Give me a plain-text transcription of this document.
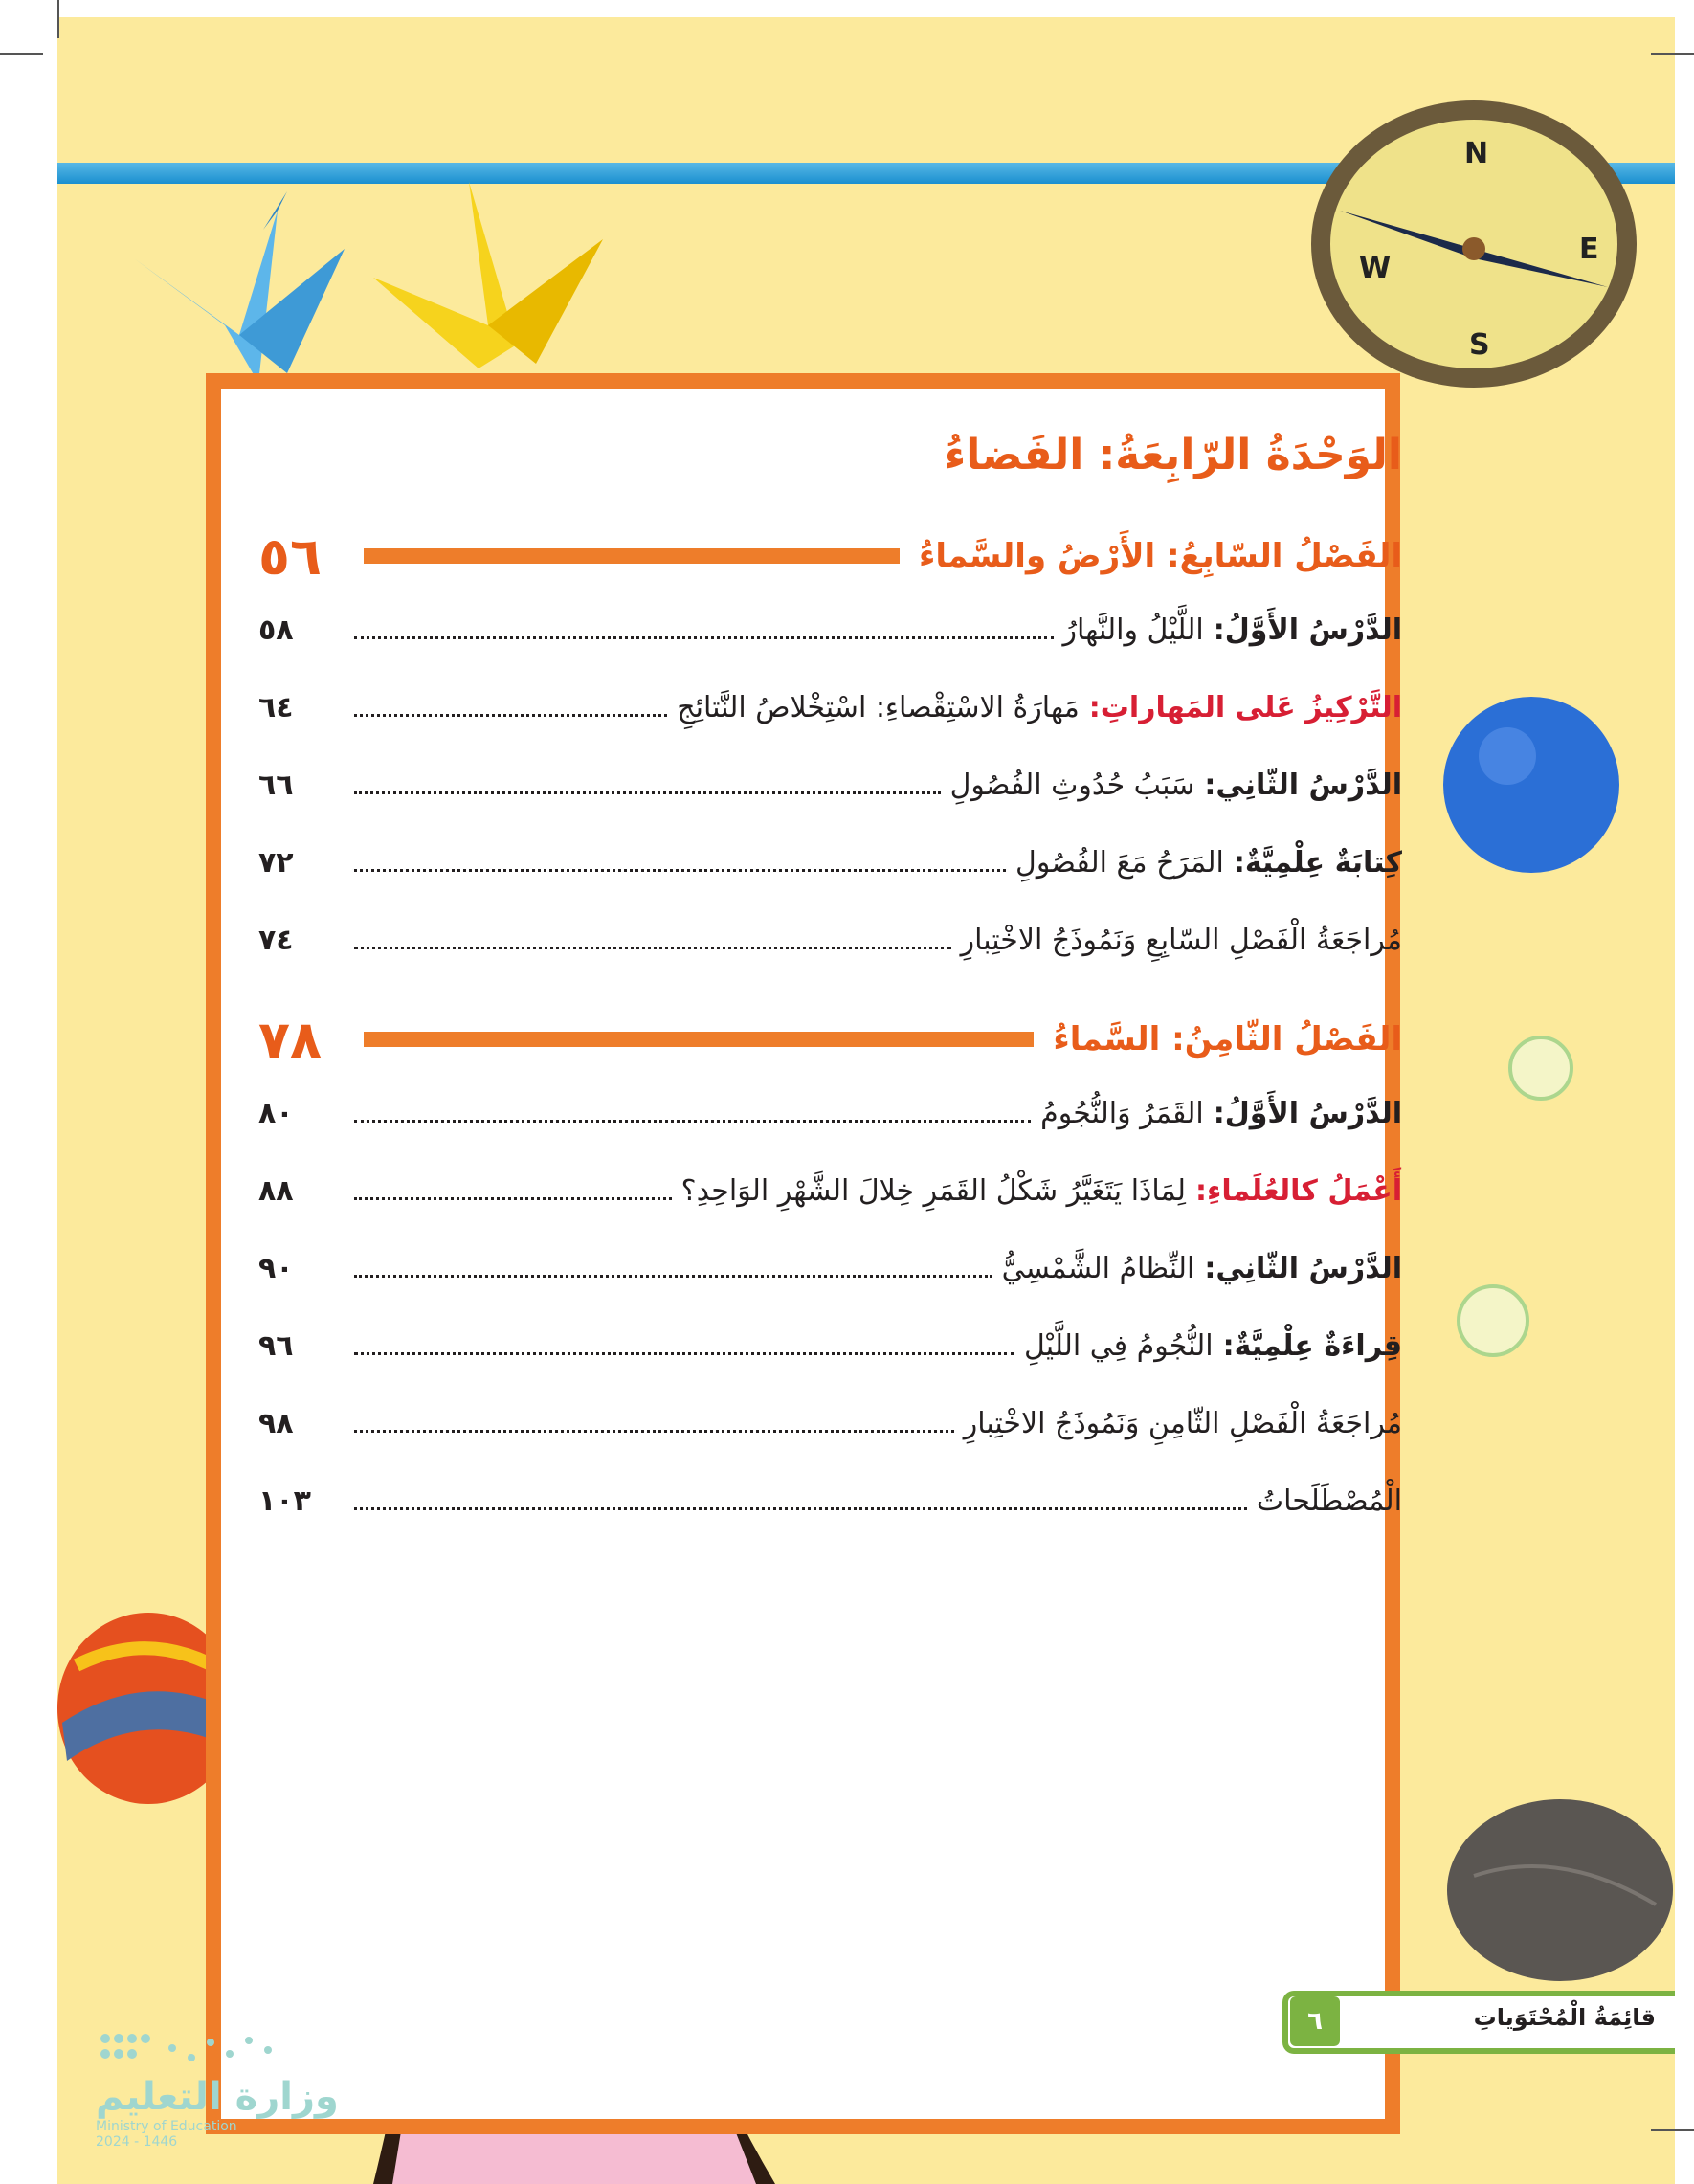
N
S
W
E
الوَحْدَةُ الرّابِعَةُ: الفَضاءُ
الفَصْلُ السّابِعُ: الأَرْضُ والسَّماءُ
٥٦
الدَّرْسُ الأَوَّلُ:
اللَّيْلُ والنَّهارُ
٥٨
التَّرْكِيزُ عَلى المَهاراتِ:
مَهارَةُ الاسْتِقْصاءِ: اسْتِخْلاصُ النَّتائِجِ
٦٤
الدَّرْسُ الثّانِي:
سَبَبُ حُدُوثِ الفُصُولِ
٦٦
كِتابَةٌ عِلْمِيَّةٌ:
المَرَحُ مَعَ الفُصُولِ
٧٢
مُراجَعَةُ الْفَصْلِ السّابِعِ وَنَمُوذَجُ الاخْتِبارِ
٧٤
الفَصْلُ الثّامِنُ: السَّماءُ
٧٨
الدَّرْسُ الأَوَّلُ:
القَمَرُ وَالنُّجُومُ
٨٠
أَعْمَلُ كالعُلَماءِ:
لِمَاذَا يَتَغَيَّرُ شَكْلُ القَمَرِ خِلالَ الشَّهْرِ الوَاحِدِ؟
٨٨
الدَّرْسُ الثّانِي:
النِّظامُ الشَّمْسِيُّ
٩٠
قِراءَةٌ عِلْمِيَّةٌ:
النُّجُومُ فِي اللَّيْلِ
٩٦
مُراجَعَةُ الْفَصْلِ الثّامِنِ وَنَمُوذَجُ الاخْتِبارِ
٩٨
الْمُصْطَلَحاتُ
١٠٣
قائِمَةُ الْمُحْتَوَياتِ
٦
وزارة التعليم
Ministry of Education
2024 - 1446
